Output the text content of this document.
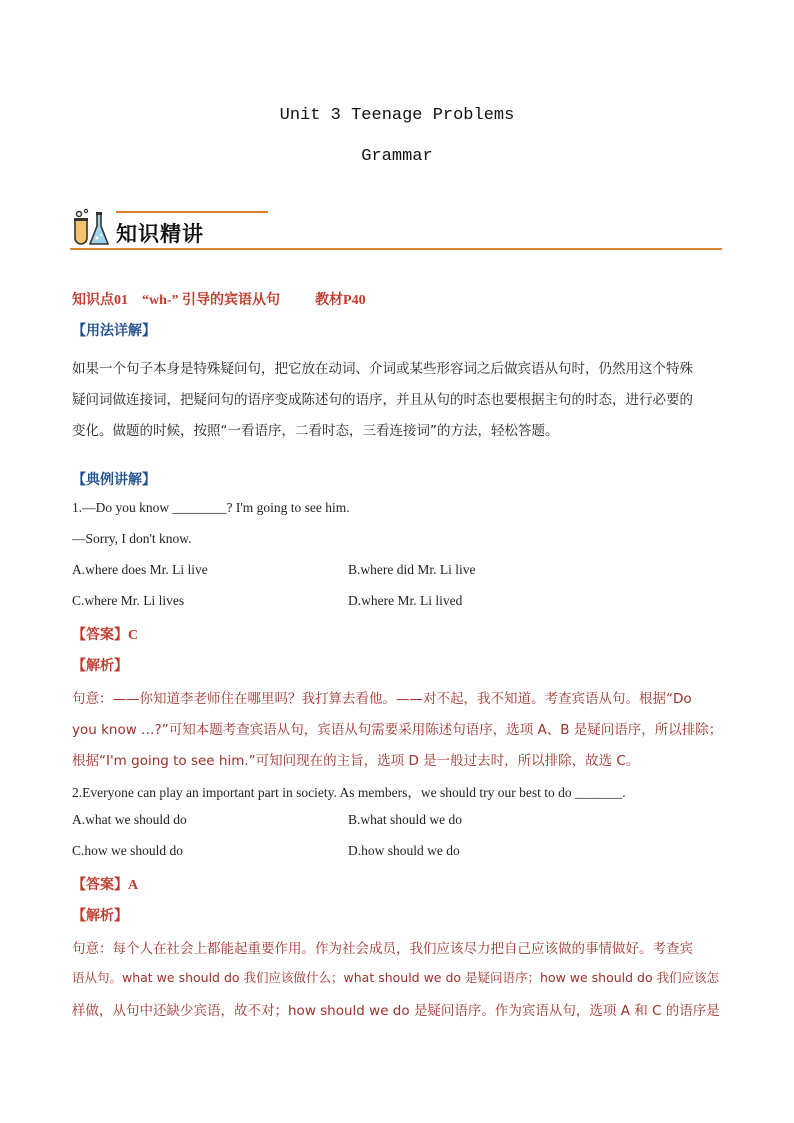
Unit 3 Teenage Problems
Grammar
知识精讲
知识点01 “wh-” 引导的宾语从句	教材P40
【用法详解】
如果一个句子本身是特殊疑问句，把它放在动词、介词或某些形容词之后做宾语从句时，仍然用这个特殊
疑问词做连接词，把疑问句的语序变成陈述句的语序，并且从句的时态也要根据主句的时态，进行必要的
变化。做题的时候，按照“一看语序，二看时态，三看连接词”的方法，轻松答题。
【典例讲解】
1.—Do you know ________? I'm going to see him.
—Sorry, I don't know.
A.where does Mr. Li live	B.where did Mr. Li live
C.where Mr. Li lives	D.where Mr. Li lived
【答案】C
【解析】
句意：——你知道李老师住在哪里吗？我打算去看他。——对不起，我不知道。考查宾语从句。根据“Do
you know …?”可知本题考查宾语从句，宾语从句需要采用陈述句语序，选项 A、B 是疑问语序，所以排除；
根据“I'm going to see him.”可知问现在的主旨，选项 D 是一般过去时，所以排除，故选 C。
2.Everyone can play an important part in society. As members，we should try our best to do _______.
A.what we should do	B.what should we do
C.how we should do	D.how should we do
【答案】A
【解析】
句意：每个人在社会上都能起重要作用。作为社会成员，我们应该尽力把自己应该做的事情做好。考查宾
语从句。what we should do 我们应该做什么；what should we do 是疑问语序；how we should do 我们应该怎
样做，从句中还缺少宾语，故不对；how should we do 是疑问语序。作为宾语从句，选项 A 和 C 的语序是
